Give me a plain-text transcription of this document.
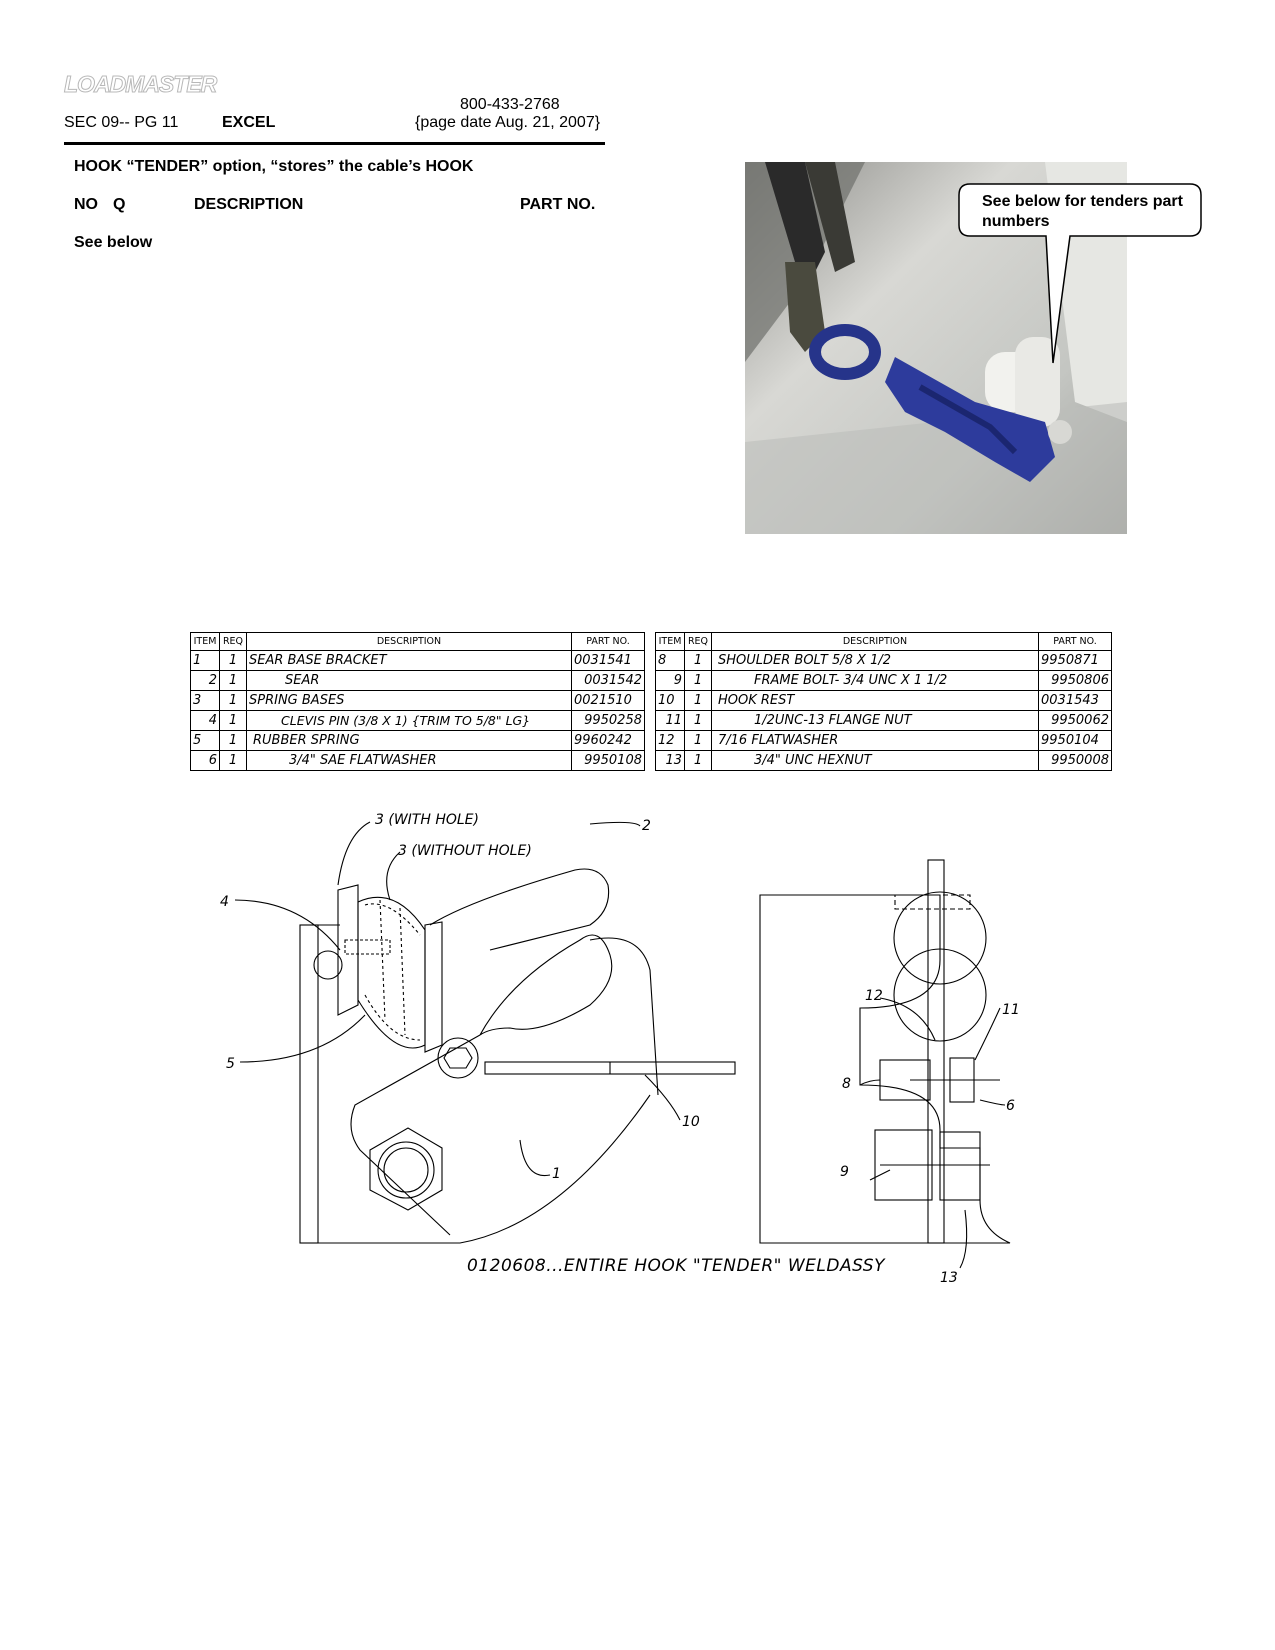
LOADMASTER
SEC 09-- PG 11	EXCEL
800-433-2768
{page date Aug. 21, 2007}
HOOK “TENDER” option, “stores” the cable’s HOOK
NO Q	DESCRIPTION	PART NO.
See below
See below for tenders part numbers
ITEM	REQ	DESCRIPTION	PART NO.
1	1	SEAR BASE BRACKET	0031541
2	1	SEAR	0031542
3	1	SPRING BASES	0021510
4	1	CLEVIS PIN (3/8 X 1) {TRIM TO 5/8" LG}	9950258
5	1	RUBBER SPRING	9960242
6	1	3/4" SAE FLATWASHER	9950108
ITEM	REQ	DESCRIPTION	PART NO.
8	1	SHOULDER BOLT 5/8 X 1/2	9950871
9	1	FRAME BOLT- 3/4 UNC X 1 1/2	9950806
10	1	HOOK REST	0031543
11	1	1/2UNC-13 FLANGE NUT	9950062
12	1	7/16 FLATWASHER	9950104
13	1	3/4" UNC HEXNUT	9950008
3 (WITH HOLE)
3 (WITHOUT HOLE)
2
4
5
1
10
12
11
6
8
9
13
0120608...ENTIRE HOOK "TENDER" WELDASSY
